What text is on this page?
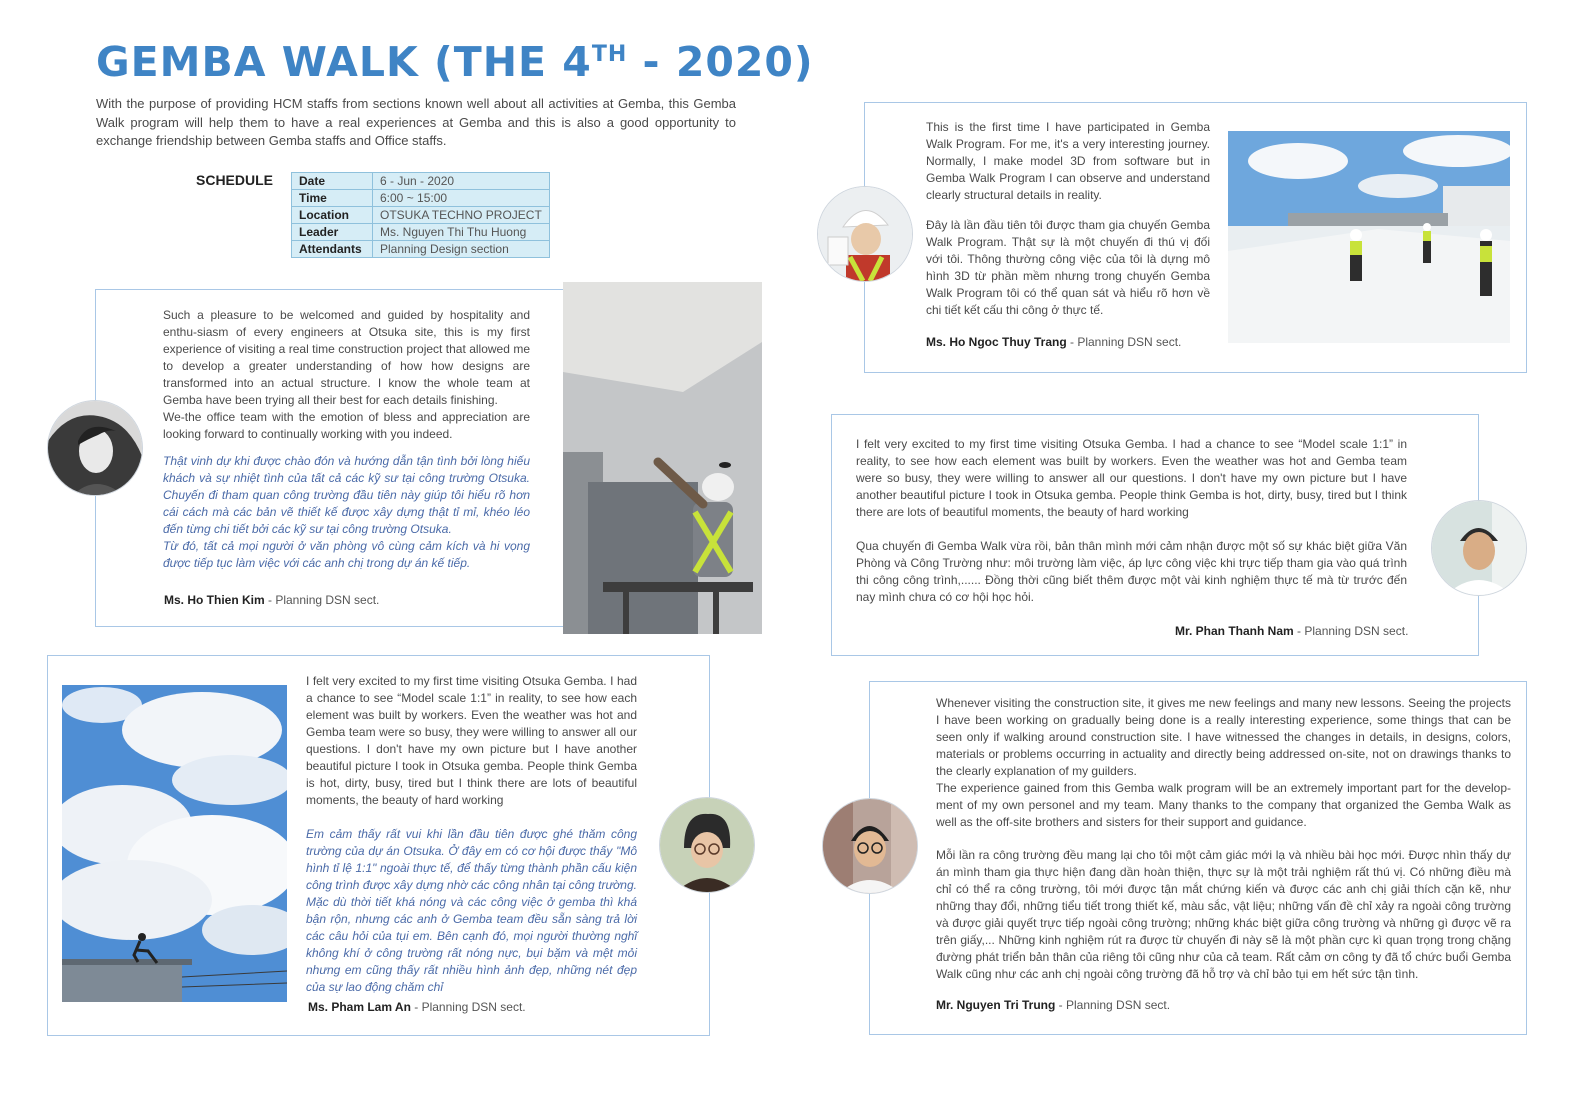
GEMBA WALK (THE 4TH - 2020)
With the purpose of providing HCM staffs from sections known well about all activities at Gemba, this Gemba Walk program will help them to have a real experiences at Gemba and this is also a good opportunity to exchange friendship between Gemba staffs and Office staffs.
SCHEDULE Date	6 - Jun - 2020
Time	6:00 ~ 15:00
Location	OTSUKA TECHNO PROJECT
Leader	Ms. Nguyen Thi Thu Huong
Attendants	Planning Design section

Such a pleasure to be welcomed and guided by hospitality and enthu-siasm of every engineers at Otsuka site, this is my first experience of visiting a real time construction project that allowed me to develop a greater understanding of how how designs are transformed into an actual structure. I know the whole team at Gemba have been trying all their best for each details finishing.

We-the office team with the emotion of bless and appreciation are looking forward to continually working with you indeed.

Thật vinh dự khi được chào đón và hướng dẫn tận tình bởi lòng hiếu khách và sự nhiệt tình của tất cả các kỹ sư tại công trường Otsuka. Chuyến đi tham quan công trường đầu tiên này giúp tôi hiểu rõ hơn cái cách mà các bản vẽ thiết kế được xây dựng thật tỉ mỉ, khéo léo đến từng chi tiết bởi các kỹ sư tại công trường Otsuka.

Từ đó, tất cả mọi người ở văn phòng vô cùng cảm kích và hi vọng được tiếp tục làm việc với các anh chị trong dự án kế tiếp.

Ms. Ho Thien Kim - Planning DSN sect.

This is the first time I have participated in Gemba Walk Program. For me, it's a very interesting journey. Normally, I make model 3D from software but in Gemba Walk Program I can observe and understand clearly structural details in reality.

Đây là lần đầu tiên tôi được tham gia chuyến Gemba Walk Program. Thật sự là một chuyến đi thú vị đối với tôi. Thông thường công việc của tôi là dựng mô hình 3D từ phần mềm nhưng trong chuyến Gemba Walk Program tôi có thể quan sát và hiểu rõ hơn về chi tiết kết cấu thi công ở thực tế.

Ms. Ho Ngoc Thuy Trang - Planning DSN sect.

I felt very excited to my first time visiting Otsuka Gemba. I had a chance to see “Model scale 1:1” in reality, to see how each element was built by workers. Even the weather was hot and Gemba team were so busy, they were willing to answer all our questions. I don't have my own picture but I have another beautiful picture I took in Otsuka gemba. People think Gemba is hot, dirty, busy, tired but I think there are lots of beautiful moments, the beauty of hard working

Qua chuyến đi Gemba Walk vừa rồi, bản thân mình mới cảm nhận được một số sự khác biệt giữa Văn Phòng và Công Trường như: môi trường làm việc, áp lực công việc khi trực tiếp tham gia vào quá trình thi công công trình,...... Đồng thời cũng biết thêm được một vài kinh nghiệm thực tế mà từ trước đến nay mình chưa có cơ hội học hỏi.

Mr. Phan Thanh Nam - Planning DSN sect.

I felt very excited to my first time visiting Otsuka Gemba. I had a chance to see “Model scale 1:1” in reality, to see how each element was built by workers. Even the weather was hot and Gemba team were so busy, they were willing to answer all our questions. I don't have my own picture but I have another beautiful picture I took in Otsuka gemba. People think Gemba is hot, dirty, busy, tired but I think there are lots of beautiful moments, the beauty of hard working

Em cảm thấy rất vui khi lần đầu tiên được ghé thăm công trường của dự án Otsuka. Ở đây em có cơ hội được thấy "Mô hình tỉ lệ 1:1" ngoài thực tế, để thấy từng thành phần cấu kiện công trình được xây dựng nhờ các công nhân tại công trường. Mặc dù thời tiết khá nóng và các công việc ở gemba thì khá bận rộn, nhưng các anh ở Gemba team đều sẵn sàng trả lời các câu hỏi của tụi em. Bên cạnh đó, mọi người thường nghĩ không khí ở công trường rất nóng nực, bụi bặm và mệt mỏi nhưng em cũng thấy rất nhiều hình ảnh đẹp, những nét đẹp của sự lao động chăm chỉ

Ms. Pham Lam An - Planning DSN sect.

Whenever visiting the construction site, it gives me new feelings and many new lessons. Seeing the projects I have been working on gradually being done is a really interesting experience, some things that can be seen only if walking around construction site. I have witnessed the changes in details, in designs, colors, materials or problems occurring in actuality and directly being addressed on-site, not on drawings thanks to the clearly explanation of my guilders.

The experience gained from this Gemba walk program will be an extremely important part for the develop-ment of my own personel and my team. Many thanks to the company that organized the Gemba Walk as well as the off-site brothers and sisters for their support and guidance.

Mỗi lần ra công trường đều mang lại cho tôi một cảm giác mới lạ và nhiều bài học mới. Được nhìn thấy dự án mình tham gia thực hiện đang dần hoàn thiện, thực sự là một trải nghiệm rất thú vị. Có những điều mà chỉ có thể ra công trường, tôi mới được tận mắt chứng kiến và được các anh chị giải thích cặn kẽ, như những thay đổi, những tiểu tiết trong thiết kế, màu sắc, vật liệu; những vấn đề chỉ xảy ra ngoài công trường và được giải quyết trực tiếp ngoài công trường; những khác biệt giữa công trường và những gì được vẽ ra trên giấy,... Những kinh nghiệm rút ra được từ chuyến đi này sẽ là một phần cực kì quan trọng trong chặng đường phát triển bản thân của riêng tôi cũng như của cả team. Rất cảm ơn công ty đã tổ chức buổi Gemba Walk cũng như các anh chị ngoài công trường đã hỗ trợ và chỉ bảo tụi em hết sức tận tình.

Mr. Nguyen Tri Trung - Planning DSN sect.
